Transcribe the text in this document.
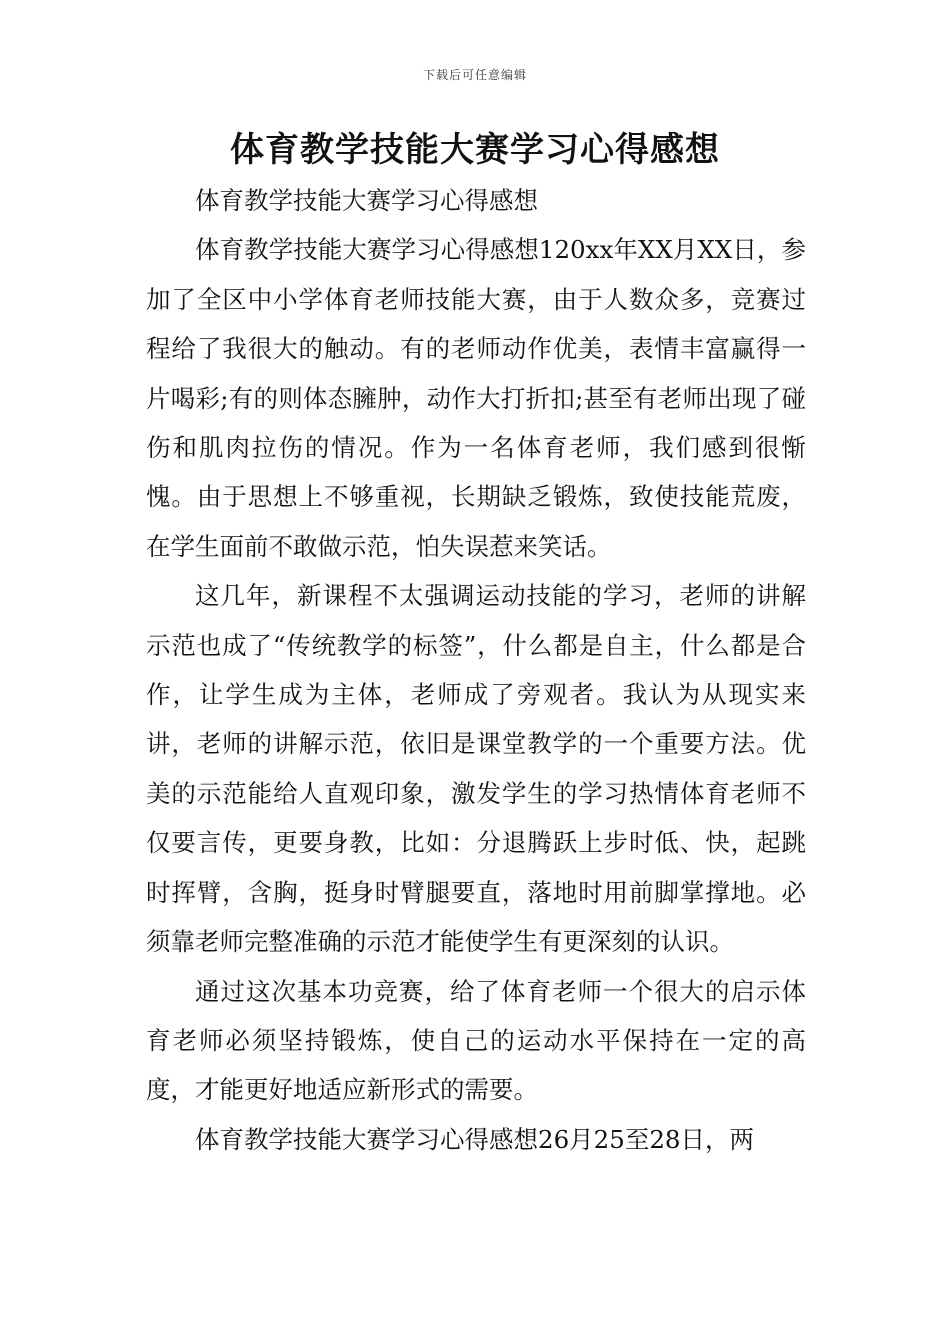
下载后可任意编辑
体育教学技能大赛学习心得感想

体育教学技能大赛学习心得感想

体育教学技能大赛学习心得感想120xx年XX月XX日，参加了全区中小学体育老师技能大赛，由于人数众多，竞赛过程给了我很大的触动。有的老师动作优美，表情丰富赢得一片喝彩;有的则体态臃肿，动作大打折扣;甚至有老师出现了碰伤和肌肉拉伤的情况。作为一名体育老师，我们感到很惭愧。由于思想上不够重视，长期缺乏锻炼，致使技能荒废，在学生面前不敢做示范，怕失误惹来笑话。

这几年，新课程不太强调运动技能的学习，老师的讲解示范也成了“传统教学的标签”，什么都是自主，什么都是合作，让学生成为主体，老师成了旁观者。我认为从现实来讲，老师的讲解示范，依旧是课堂教学的一个重要方法。优美的示范能给人直观印象，激发学生的学习热情体育老师不仅要言传，更要身教，比如：分退腾跃上步时低、快，起跳时挥臂，含胸，挺身时臂腿要直，落地时用前脚掌撑地。必须靠老师完整准确的示范才能使学生有更深刻的认识。

通过这次基本功竞赛，给了体育老师一个很大的启示体育老师必须坚持锻炼，使自己的运动水平保持在一定的高度，才能更好地适应新形式的需要。

体育教学技能大赛学习心得感想26月25至28日，两
